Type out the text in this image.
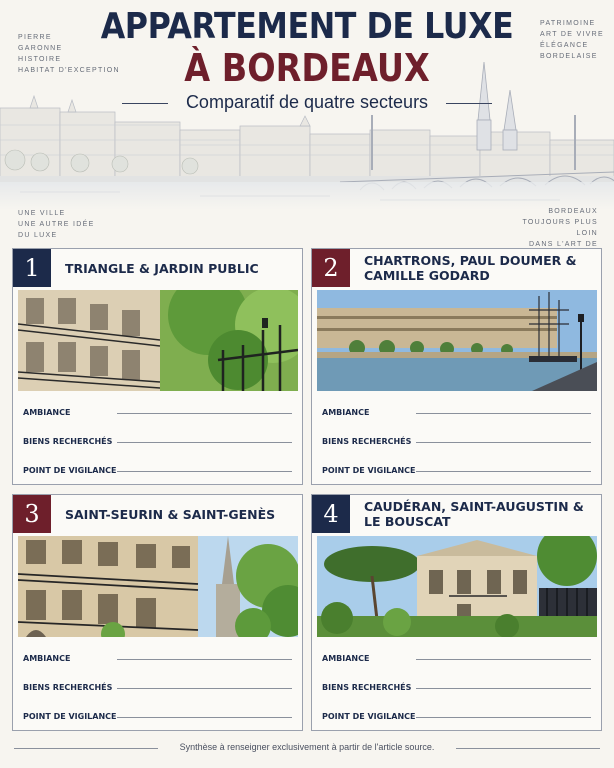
APPARTEMENT DE LUXE
À BORDEAUX
Comparatif de quatre secteurs
PIERRE
GARONNE
HISTOIRE
HABITAT D'EXCEPTION
PATRIMOINE
ART DE VIVRE
ÉLÉGANCE
BORDELAISE
UNE VILLE
UNE AUTRE IDÉE
DU LUXE
BORDEAUX
TOUJOURS PLUS LOIN
DANS L'ART DE
1	TRIANGLE & JARDIN PUBLIC
AMBIANCE
BIENS RECHERCHÉS
POINT DE VIGILANCE
2	CHARTRONS, PAUL DOUMER & CAMILLE GODARD
AMBIANCE
BIENS RECHERCHÉS
POINT DE VIGILANCE
3	SAINT-SEURIN & SAINT-GENÈS
AMBIANCE
BIENS RECHERCHÉS
POINT DE VIGILANCE
4	CAUDÉRAN, SAINT-AUGUSTIN & LE BOUSCAT
AMBIANCE
BIENS RECHERCHÉS
POINT DE VIGILANCE
Synthèse à renseigner exclusivement à partir de l'article source.
